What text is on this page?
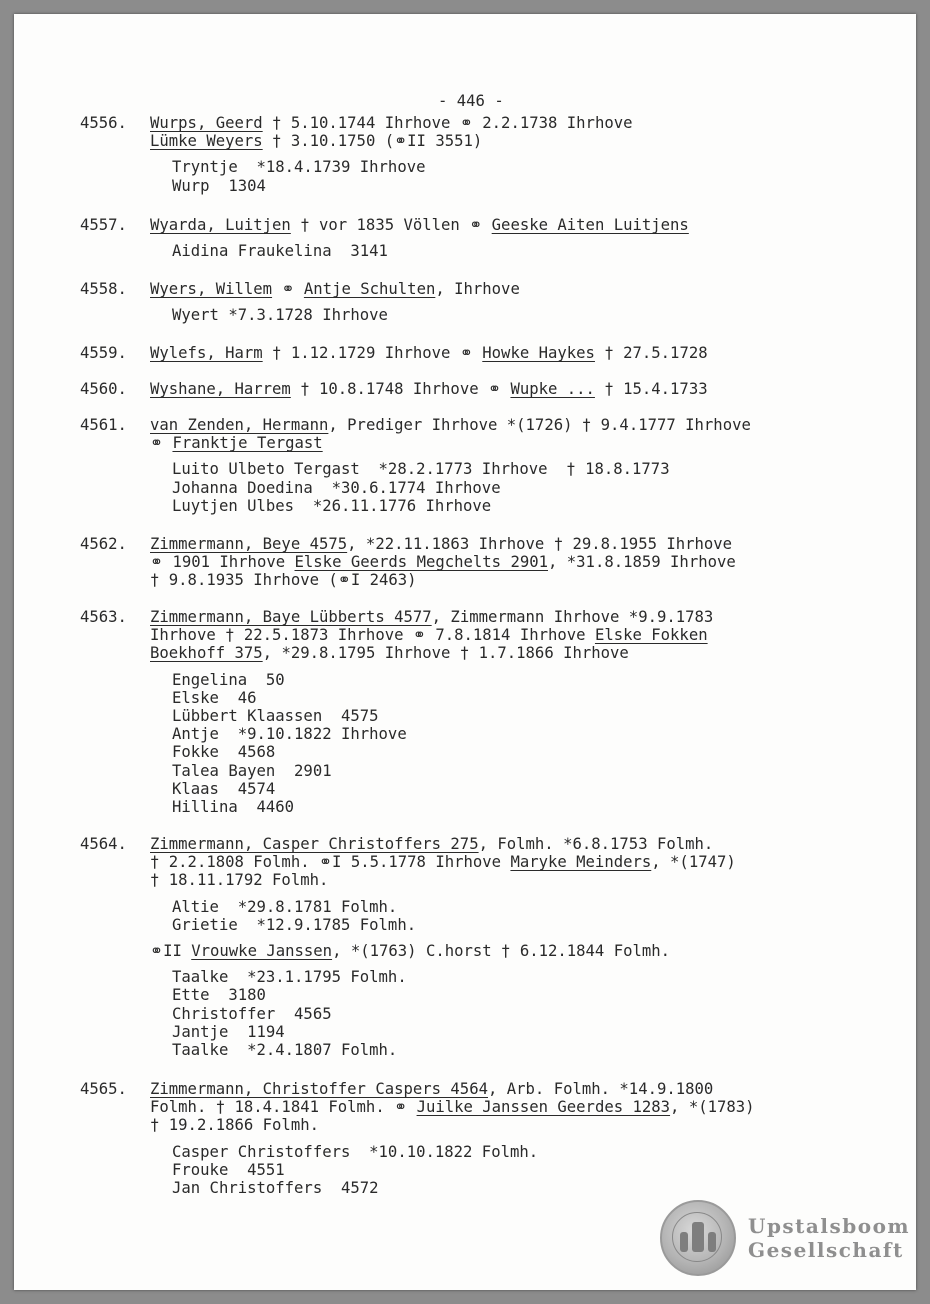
- 446 -
4556.	Wurps, Geerd † 5.10.1744 Ihrhove ⚭ 2.2.1738 Ihrhove
Lümke Weyers † 3.10.1750 (⚭II 3551)
Tryntje  *18.4.1739 Ihrhove
Wurp  1304
4557.	Wyarda, Luitjen † vor 1835 Völlen ⚭ Geeske Aiten Luitjens
Aidina Fraukelina  3141
4558.	Wyers, Willem ⚭ Antje Schulten, Ihrhove
Wyert *7.3.1728 Ihrhove
4559.	Wylefs, Harm † 1.12.1729 Ihrhove ⚭ Howke Haykes † 27.5.1728
4560.	Wyshane, Harrem † 10.8.1748 Ihrhove ⚭ Wupke ... † 15.4.1733
4561.	van Zenden, Hermann, Prediger Ihrhove *(1726) † 9.4.1777 Ihrhove
⚭ Franktje Tergast
Luito Ulbeto Tergast  *28.2.1773 Ihrhove  † 18.8.1773
Johanna Doedina  *30.6.1774 Ihrhove
Luytjen Ulbes  *26.11.1776 Ihrhove
4562.	Zimmermann, Beye 4575, *22.11.1863 Ihrhove † 29.8.1955 Ihrhove
⚭ 1901 Ihrhove Elske Geerds Megchelts 2901, *31.8.1859 Ihrhove
† 9.8.1935 Ihrhove (⚭I 2463)
4563.	Zimmermann, Baye Lübberts 4577, Zimmermann Ihrhove *9.9.1783
Ihrhove † 22.5.1873 Ihrhove ⚭ 7.8.1814 Ihrhove Elske Fokken
Boekhoff 375, *29.8.1795 Ihrhove † 1.7.1866 Ihrhove
Engelina  50
Elske  46
Lübbert Klaassen  4575
Antje  *9.10.1822 Ihrhove
Fokke  4568
Talea Bayen  2901
Klaas  4574
Hillina  4460
4564.	Zimmermann, Casper Christoffers 275, Folmh. *6.8.1753 Folmh.
† 2.2.1808 Folmh. ⚭I 5.5.1778 Ihrhove Maryke Meinders, *(1747)
† 18.11.1792 Folmh.
Altie  *29.8.1781 Folmh.
Grietie  *12.9.1785 Folmh.
⚭II Vrouwke Janssen, *(1763) C.horst † 6.12.1844 Folmh.
Taalke  *23.1.1795 Folmh.
Ette  3180
Christoffer  4565
Jantje  1194
Taalke  *2.4.1807 Folmh.
4565.	Zimmermann, Christoffer Caspers 4564, Arb. Folmh. *14.9.1800
Folmh. † 18.4.1841 Folmh. ⚭ Juilke Janssen Geerdes 1283, *(1783)
† 19.2.1866 Folmh.
Casper Christoffers  *10.10.1822 Folmh.
Frouke  4551
Jan Christoffers  4572
Upstalsboom
Gesellschaft
